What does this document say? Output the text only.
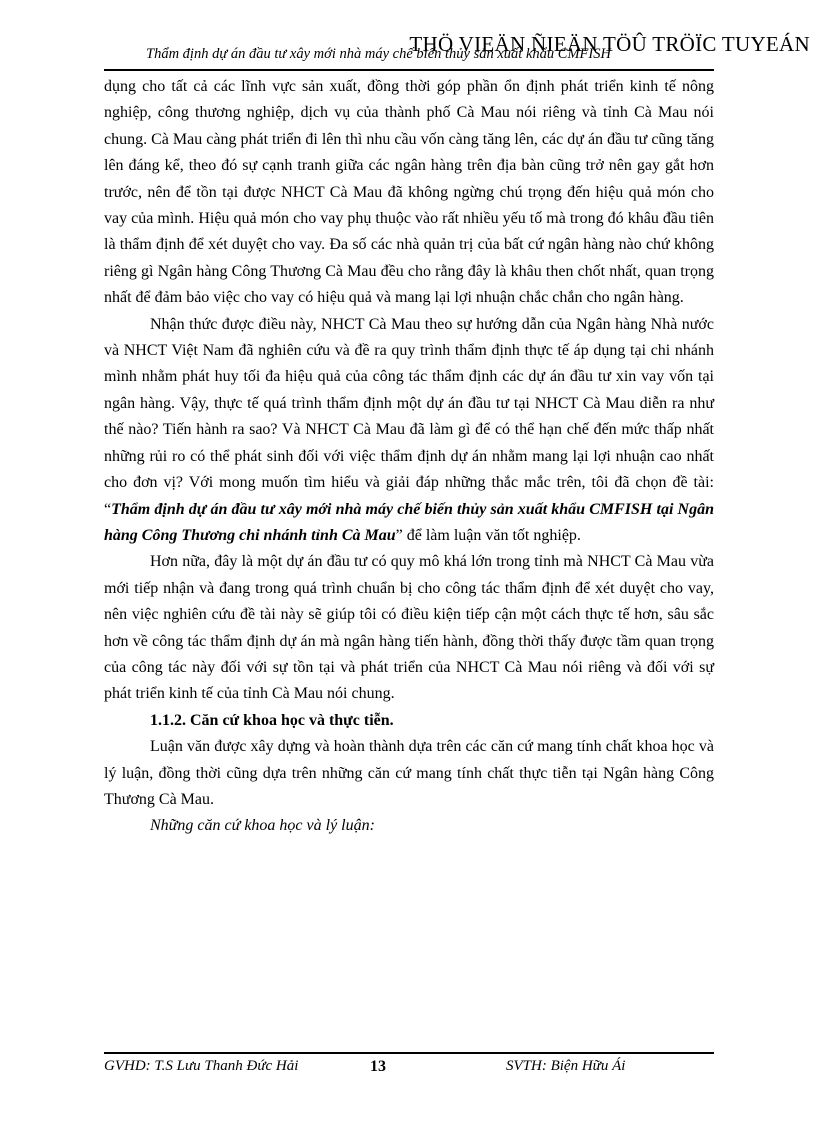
THÖ VIEÄN ÑIEÄN TÖÛ TRÖÏC TUYEÁN
Thẩm định dự án đầu tư xây mới nhà máy chế biến thủy sản xuất khẩu CMFISH

dụng cho tất cả các lĩnh vực sản xuất, đồng thời góp phần ổn định phát triển kinh tế nông nghiệp, công thương nghiệp, dịch vụ của thành phố Cà Mau nói riêng và tỉnh Cà Mau nói chung. Cà Mau càng phát triển đi lên thì nhu cầu vốn càng tăng lên, các dự án đầu tư cũng tăng lên đáng kể, theo đó sự cạnh tranh giữa các ngân hàng trên địa bàn cũng trở nên gay gắt hơn trước, nên để tồn tại được NHCT Cà Mau đã không ngừng chú trọng đến hiệu quả món cho vay của mình. Hiệu quả món cho vay phụ thuộc vào rất nhiều yếu tố mà trong đó khâu đầu tiên là thẩm định để xét duyệt cho vay. Đa số các nhà quản trị của bất cứ ngân hàng nào chứ không riêng gì Ngân hàng Công Thương Cà Mau đều cho rằng đây là khâu then chốt nhất, quan trọng nhất để đảm bảo việc cho vay có hiệu quả và mang lại lợi nhuận chắc chắn cho ngân hàng.

Nhận thức được điều này, NHCT Cà Mau theo sự hướng dẫn của Ngân hàng Nhà nước và NHCT Việt Nam đã nghiên cứu và đề ra quy trình thẩm định thực tế áp dụng tại chi nhánh mình nhằm phát huy tối đa hiệu quả của công tác thẩm định các dự án đầu tư xin vay vốn tại ngân hàng. Vậy, thực tế quá trình thẩm định một dự án đầu tư tại NHCT Cà Mau diễn ra như thế nào? Tiến hành ra sao? Và NHCT Cà Mau đã làm gì để có thể hạn chế đến mức thấp nhất những rủi ro có thể phát sinh đối với việc thẩm định dự án nhằm mang lại lợi nhuận cao nhất cho đơn vị? Với mong muốn tìm hiểu và giải đáp những thắc mắc trên, tôi đã chọn đề tài: “Thẩm định dự án đầu tư xây mới nhà máy chế biến thủy sản xuất khẩu CMFISH tại Ngân hàng Công Thương chi nhánh tỉnh Cà Mau” để làm luận văn tốt nghiệp.

Hơn nữa, đây là một dự án đầu tư có quy mô khá lớn trong tỉnh mà NHCT Cà Mau vừa mới tiếp nhận và đang trong quá trình chuẩn bị cho công tác thẩm định để xét duyệt cho vay, nên việc nghiên cứu đề tài này sẽ giúp tôi có điều kiện tiếp cận một cách thực tế hơn, sâu sắc hơn về công tác thẩm định dự án mà ngân hàng tiến hành, đồng thời thấy được tầm quan trọng của công tác này đối với sự tồn tại và phát triển của NHCT Cà Mau nói riêng và đối với sự phát triển kinh tế của tỉnh Cà Mau nói chung.

1.1.2. Căn cứ khoa học và thực tiễn.

Luận văn được xây dựng và hoàn thành dựa trên các căn cứ mang tính chất khoa học và lý luận, đồng thời cũng dựa trên những căn cứ mang tính chất thực tiễn tại Ngân hàng Công Thương Cà Mau.

Những căn cứ khoa học và lý luận:

GVHD: T.S Lưu Thanh Đức Hải	13	SVTH: Biện Hữu Ái
